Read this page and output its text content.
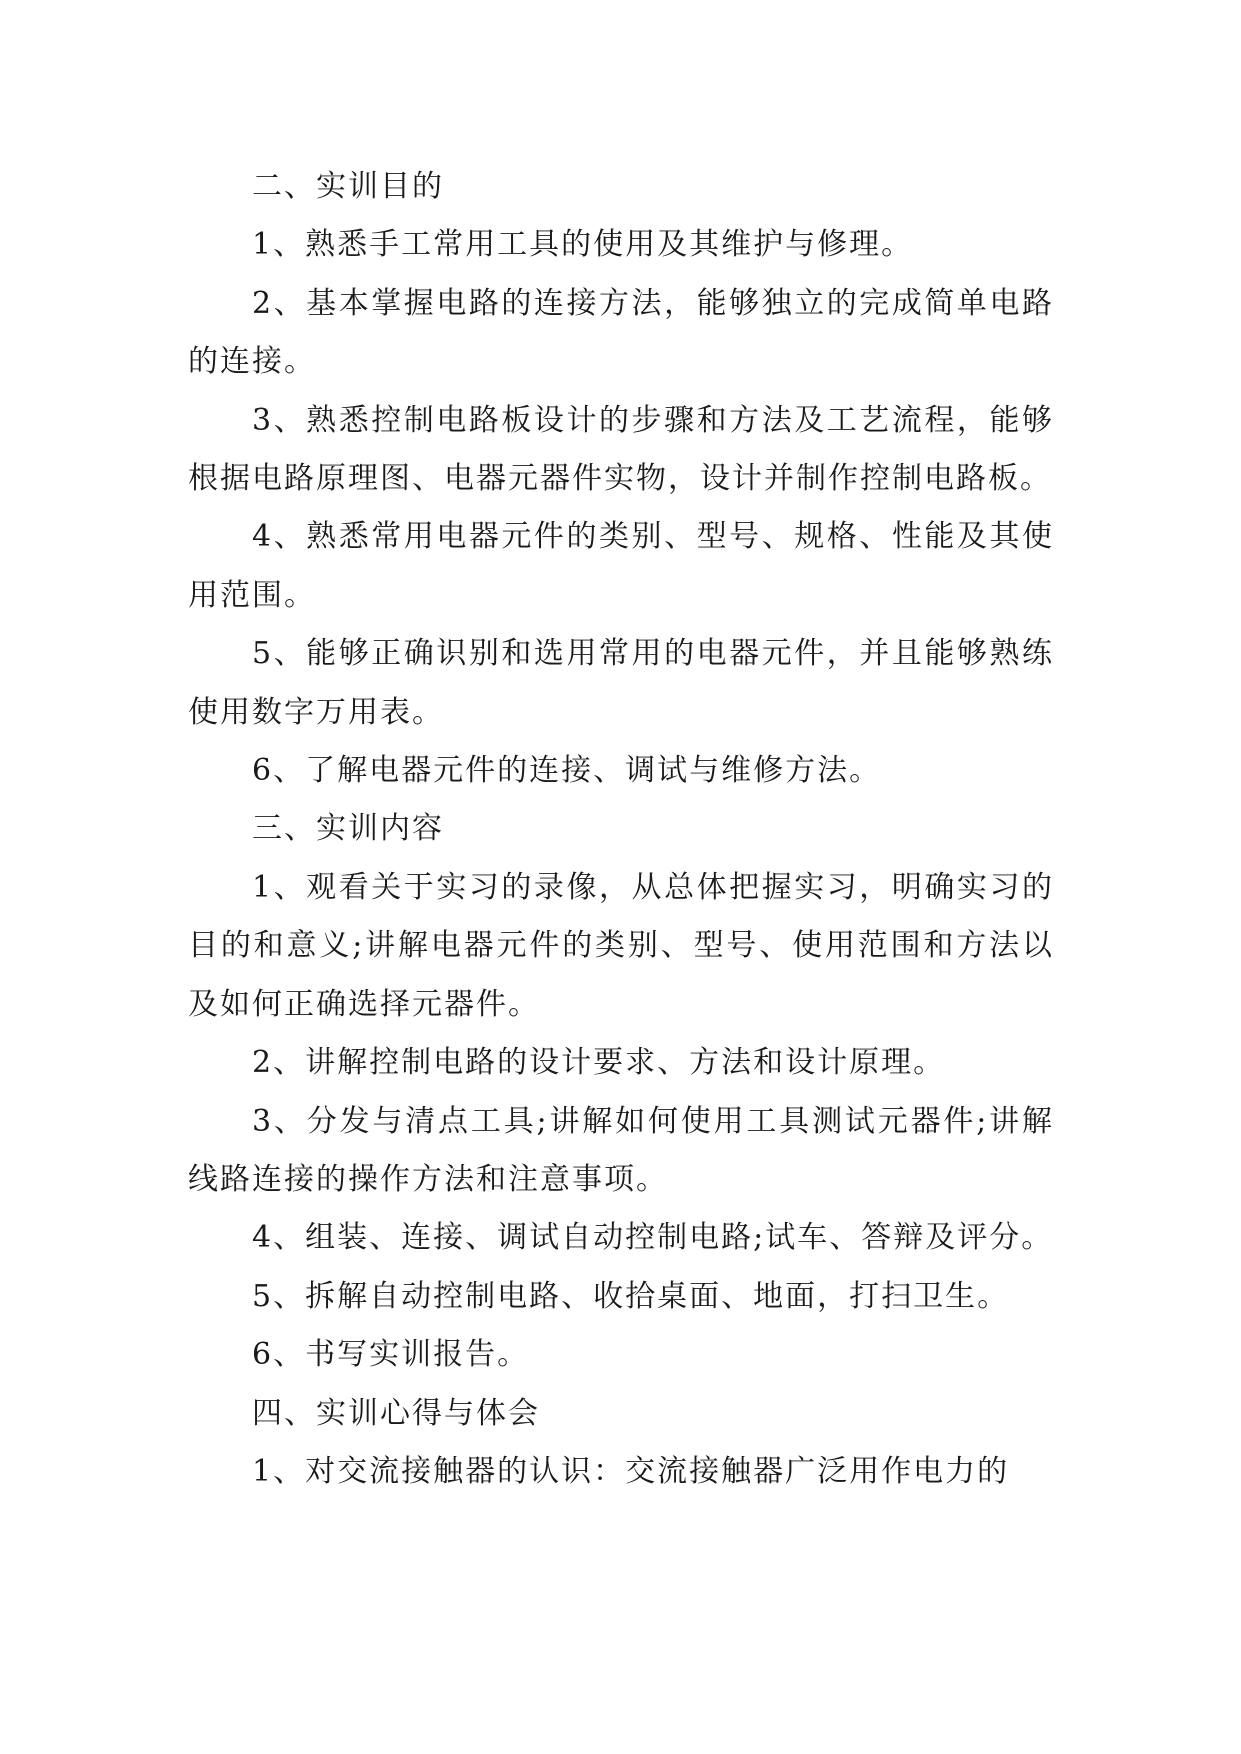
二、实训目的

1、熟悉手工常用工具的使用及其维护与修理。

2、基本掌握电路的连接方法，能够独立的完成简单电路的连接。

3、熟悉控制电路板设计的步骤和方法及工艺流程，能够根据电路原理图、电器元器件实物，设计并制作控制电路板。

4、熟悉常用电器元件的类别、型号、规格、性能及其使用范围。

5、能够正确识别和选用常用的电器元件，并且能够熟练使用数字万用表。

6、了解电器元件的连接、调试与维修方法。

三、实训内容

1、观看关于实习的录像，从总体把握实习，明确实习的目的和意义;讲解电器元件的类别、型号、使用范围和方法以及如何正确选择元器件。

2、讲解控制电路的设计要求、方法和设计原理。

3、分发与清点工具;讲解如何使用工具测试元器件;讲解线路连接的操作方法和注意事项。

4、组装、连接、调试自动控制电路;试车、答辩及评分。

5、拆解自动控制电路、收拾桌面、地面，打扫卫生。

6、书写实训报告。

四、实训心得与体会

1、对交流接触器的认识：交流接触器广泛用作电力的
